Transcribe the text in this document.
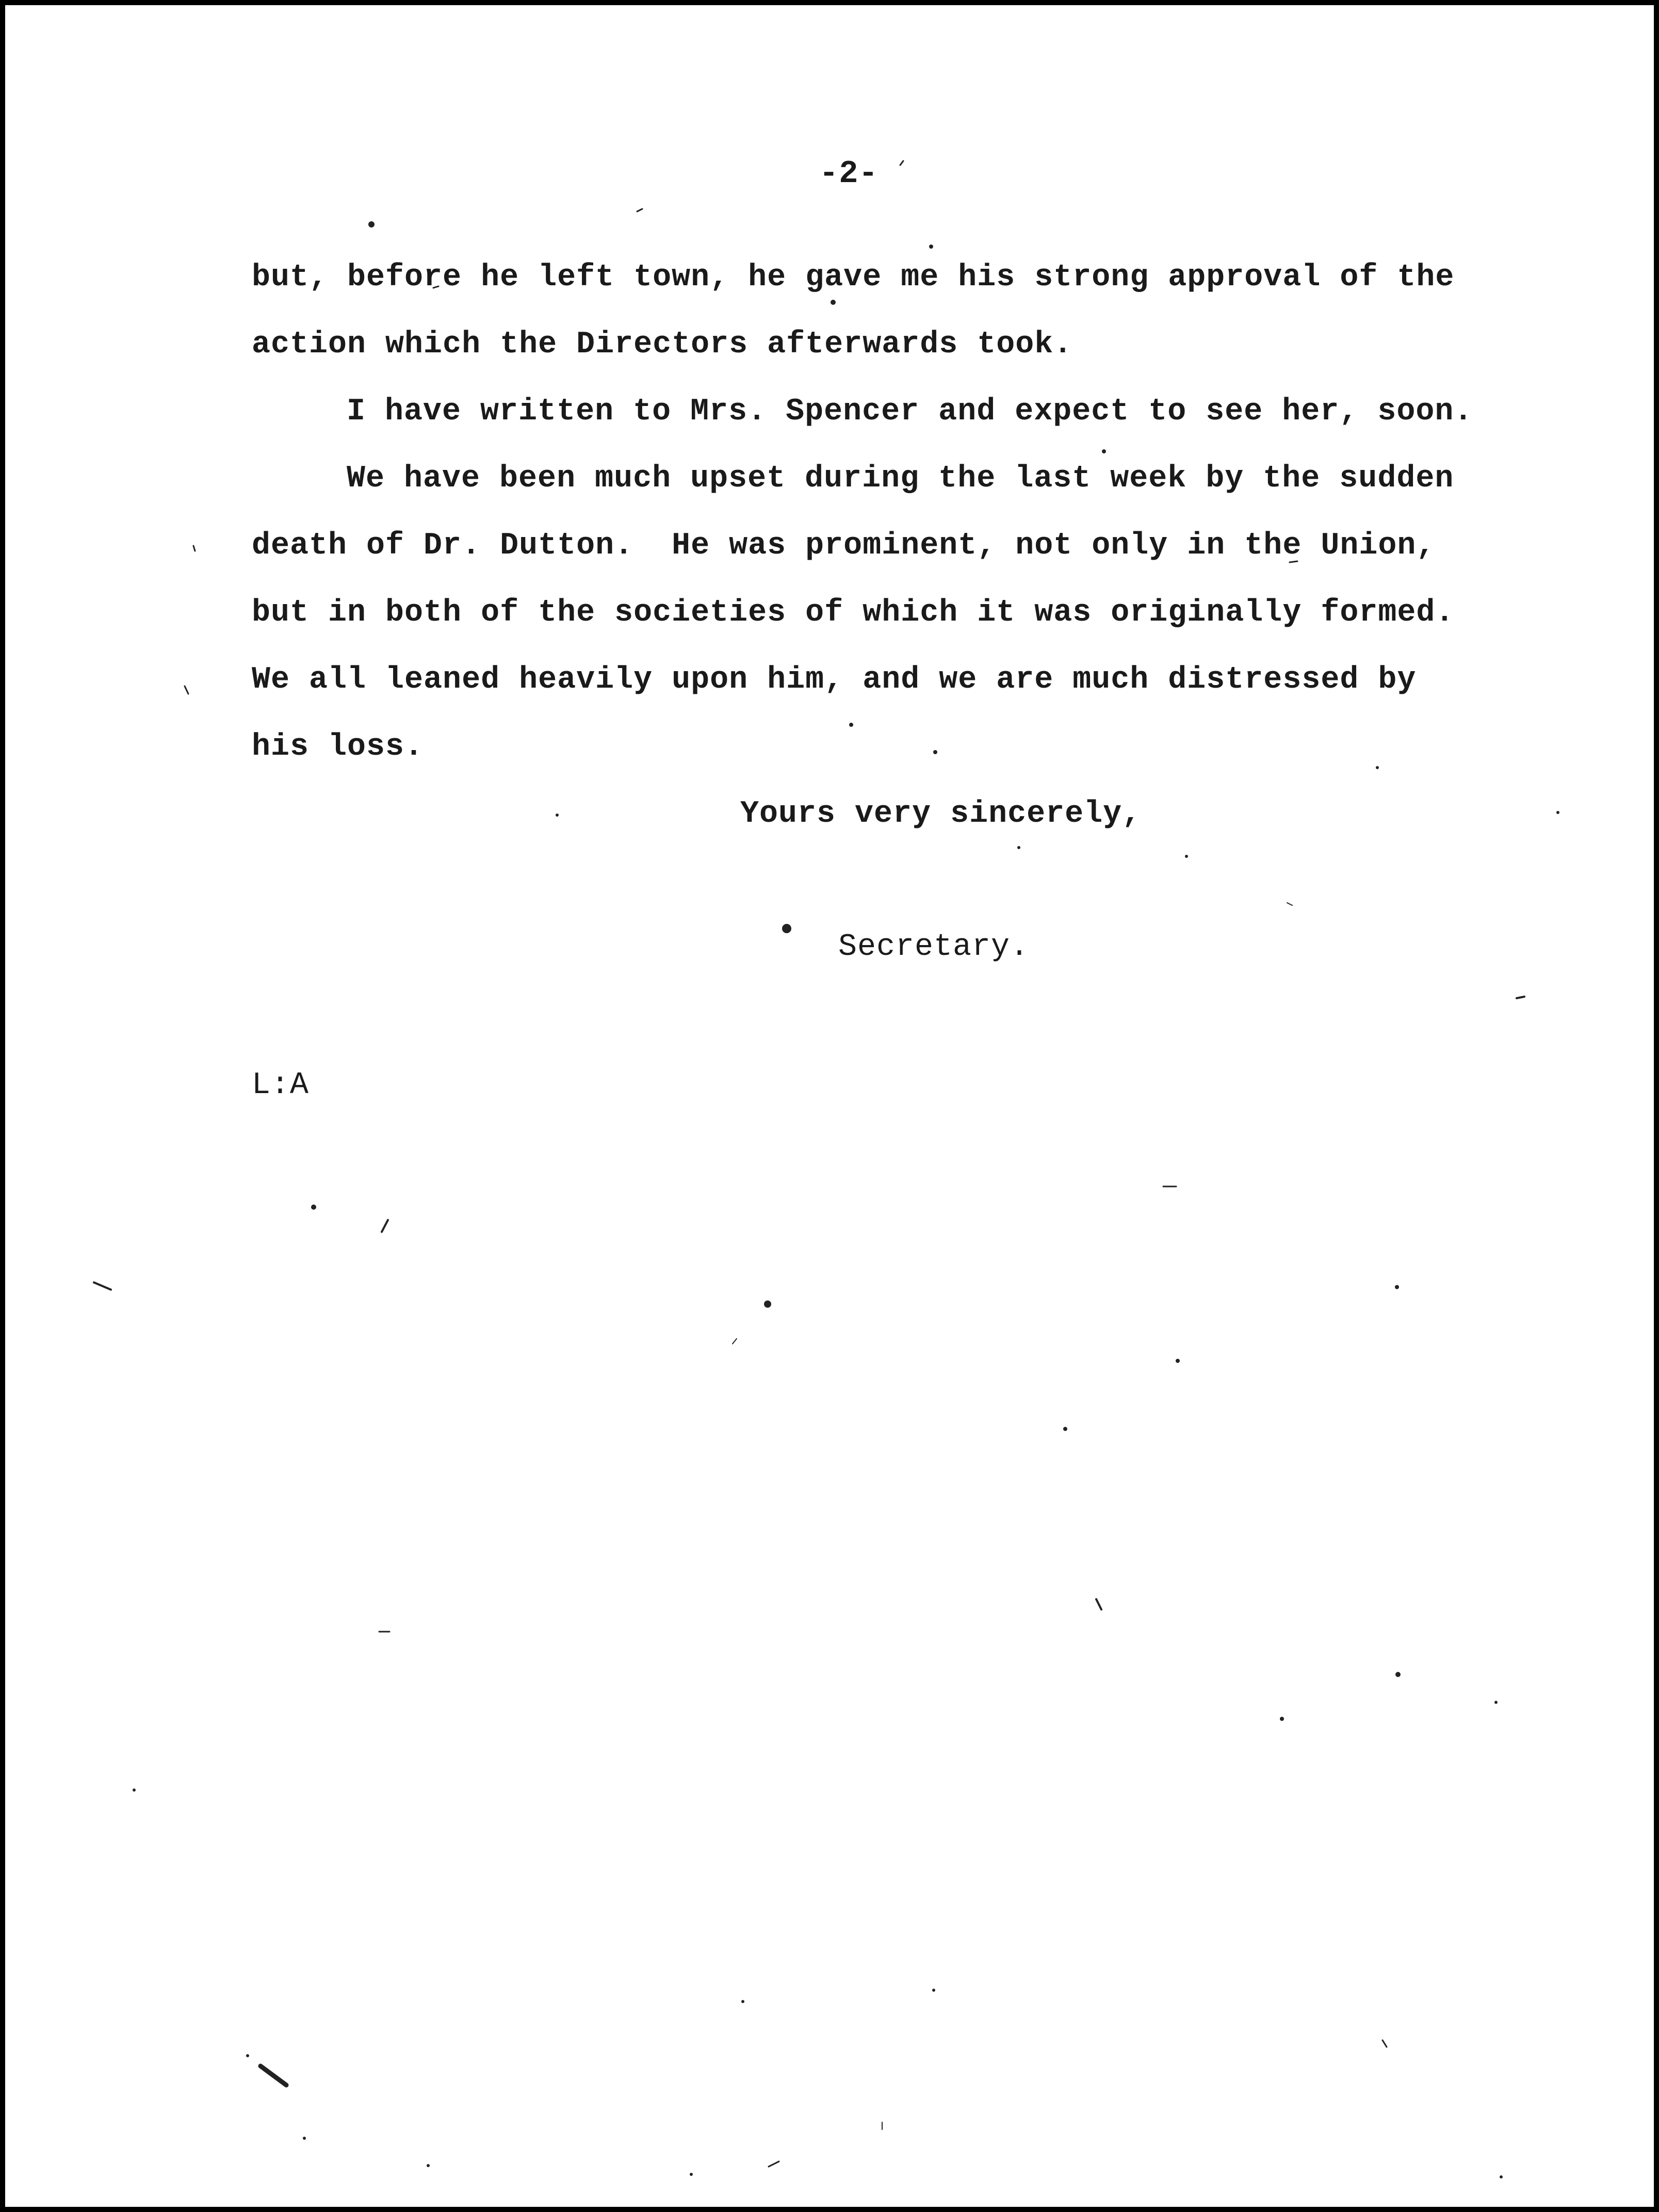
-2-
but, before he left town, he gave me his strong approval of the
action which the Directors afterwards took.
I have written to Mrs. Spencer and expect to see her, soon.
We have been much upset during the last week by the sudden
death of Dr. Dutton.  He was prominent, not only in the Union,
but in both of the societies of which it was originally formed.
We all leaned heavily upon him, and we are much distressed by
his loss.
Yours very sincerely,
Secretary.
L:A
